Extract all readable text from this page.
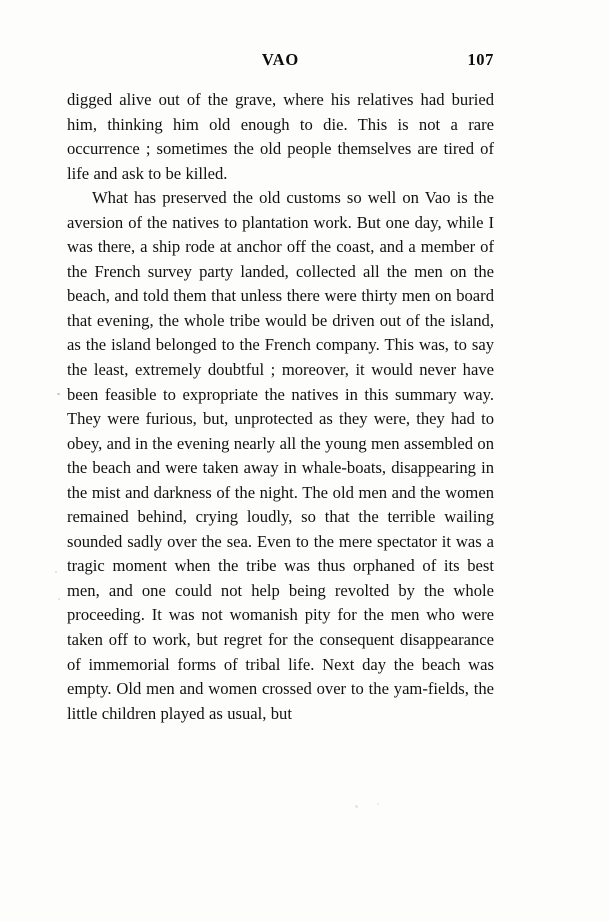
VAO	107

digged alive out of the grave, where his relatives had buried him, thinking him old enough to die. This is not a rare occurrence ; sometimes the old people themselves are tired of life and ask to be killed.

What has preserved the old customs so well on Vao is the aversion of the natives to plantation work. But one day, while I was there, a ship rode at anchor off the coast, and a member of the French survey party landed, collected all the men on the beach, and told them that unless there were thirty men on board that evening, the whole tribe would be driven out of the island, as the island belonged to the French company. This was, to say the least, extremely doubtful ; moreover, it would never have been feasible to expropriate the natives in this summary way. They were furious, but, unprotected as they were, they had to obey, and in the evening nearly all the young men assembled on the beach and were taken away in whale-boats, disappearing in the mist and darkness of the night. The old men and the women remained behind, crying loudly, so that the terrible wailing sounded sadly over the sea. Even to the mere spectator it was a tragic moment when the tribe was thus orphaned of its best men, and one could not help being revolted by the whole proceeding. It was not womanish pity for the men who were taken off to work, but regret for the consequent disappearance of immemorial forms of tribal life. Next day the beach was empty. Old men and women crossed over to the yam-fields, the little children played as usual, but
